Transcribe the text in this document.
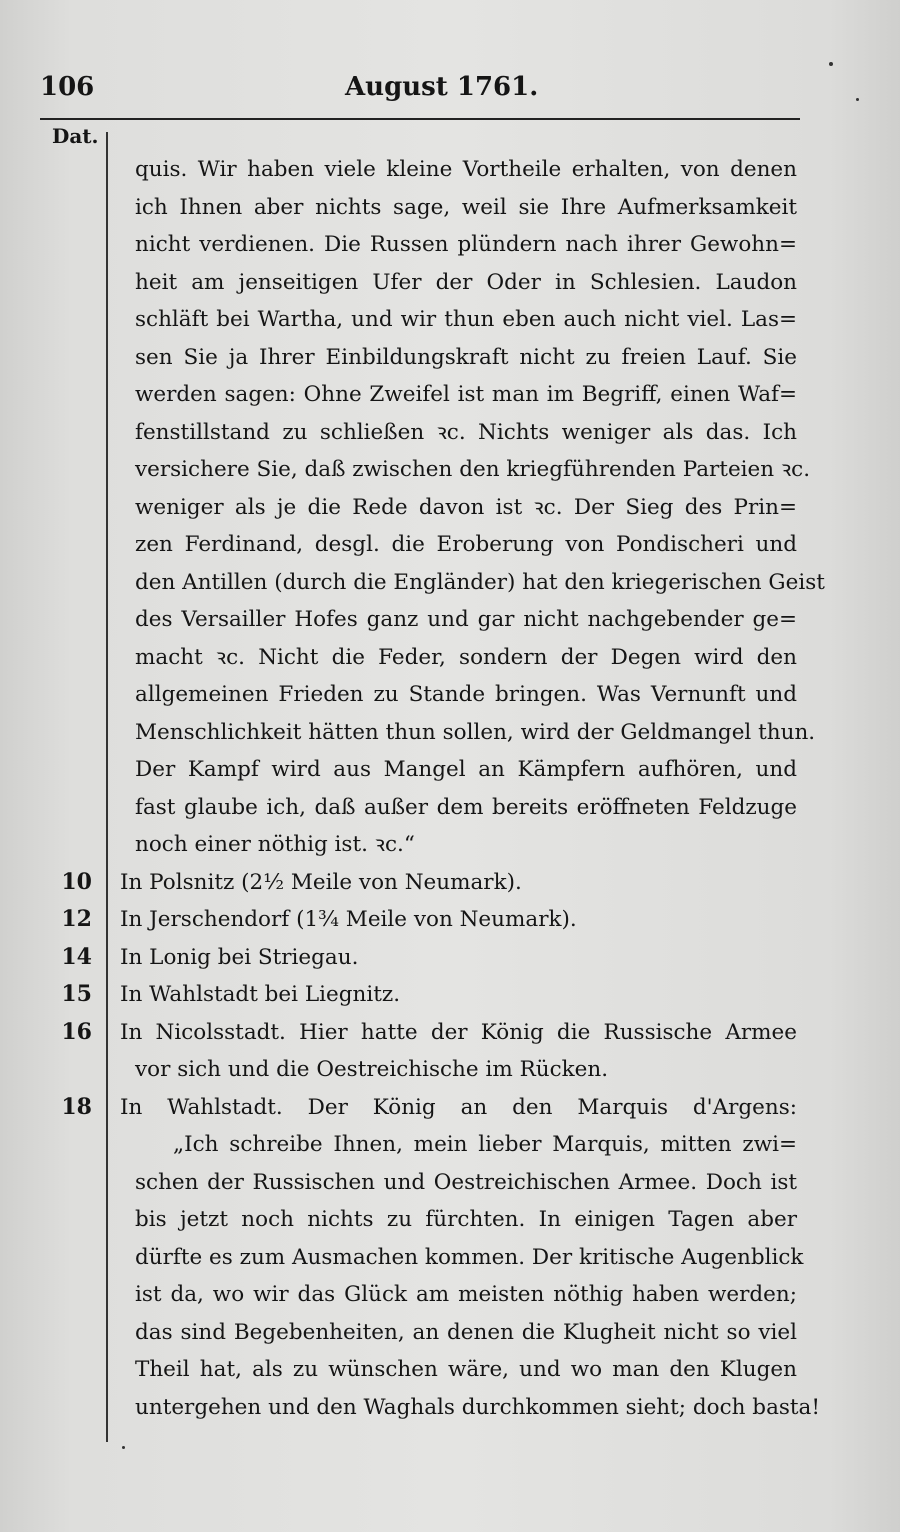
106	August 1761.
Dat.
quis. Wir haben viele kleine Vortheile erhalten, von denen
ich Ihnen aber nichts sage, weil sie Ihre Aufmerksamkeit
nicht verdienen. Die Russen plündern nach ihrer Gewohn=
heit am jenseitigen Ufer der Oder in Schlesien. Laudon
schläft bei Wartha, und wir thun eben auch nicht viel. Las=
sen Sie ja Ihrer Einbildungskraft nicht zu freien Lauf. Sie
werden sagen: Ohne Zweifel ist man im Begriff, einen Waf=
fenstillstand zu schließen ꝛc. Nichts weniger als das. Ich
versichere Sie, daß zwischen den kriegführenden Parteien ꝛc.
weniger als je die Rede davon ist ꝛc. Der Sieg des Prin=
zen Ferdinand, desgl. die Eroberung von Pondischeri und
den Antillen (durch die Engländer) hat den kriegerischen Geist
des Versailler Hofes ganz und gar nicht nachgebender ge=
macht ꝛc. Nicht die Feder, sondern der Degen wird den
allgemeinen Frieden zu Stande bringen. Was Vernunft und
Menschlichkeit hätten thun sollen, wird der Geldmangel thun.
Der Kampf wird aus Mangel an Kämpfern aufhören, und
fast glaube ich, daß außer dem bereits eröffneten Feldzuge
noch einer nöthig ist. ꝛc.“
10 In Polsnitz (2½ Meile von Neumark).
12 In Jerschendorf (1¾ Meile von Neumark).
14 In Lonig bei Striegau.
15 In Wahlstadt bei Liegnitz.
16 In Nicolsstadt. Hier hatte der König die Russische Armee
vor sich und die Oestreichische im Rücken.
18 In Wahlstadt. Der König an den Marquis d'Argens:
„Ich schreibe Ihnen, mein lieber Marquis, mitten zwi=
schen der Russischen und Oestreichischen Armee. Doch ist
bis jetzt noch nichts zu fürchten. In einigen Tagen aber
dürfte es zum Ausmachen kommen. Der kritische Augenblick
ist da, wo wir das Glück am meisten nöthig haben werden;
das sind Begebenheiten, an denen die Klugheit nicht so viel
Theil hat, als zu wünschen wäre, und wo man den Klugen
untergehen und den Waghals durchkommen sieht; doch basta!
